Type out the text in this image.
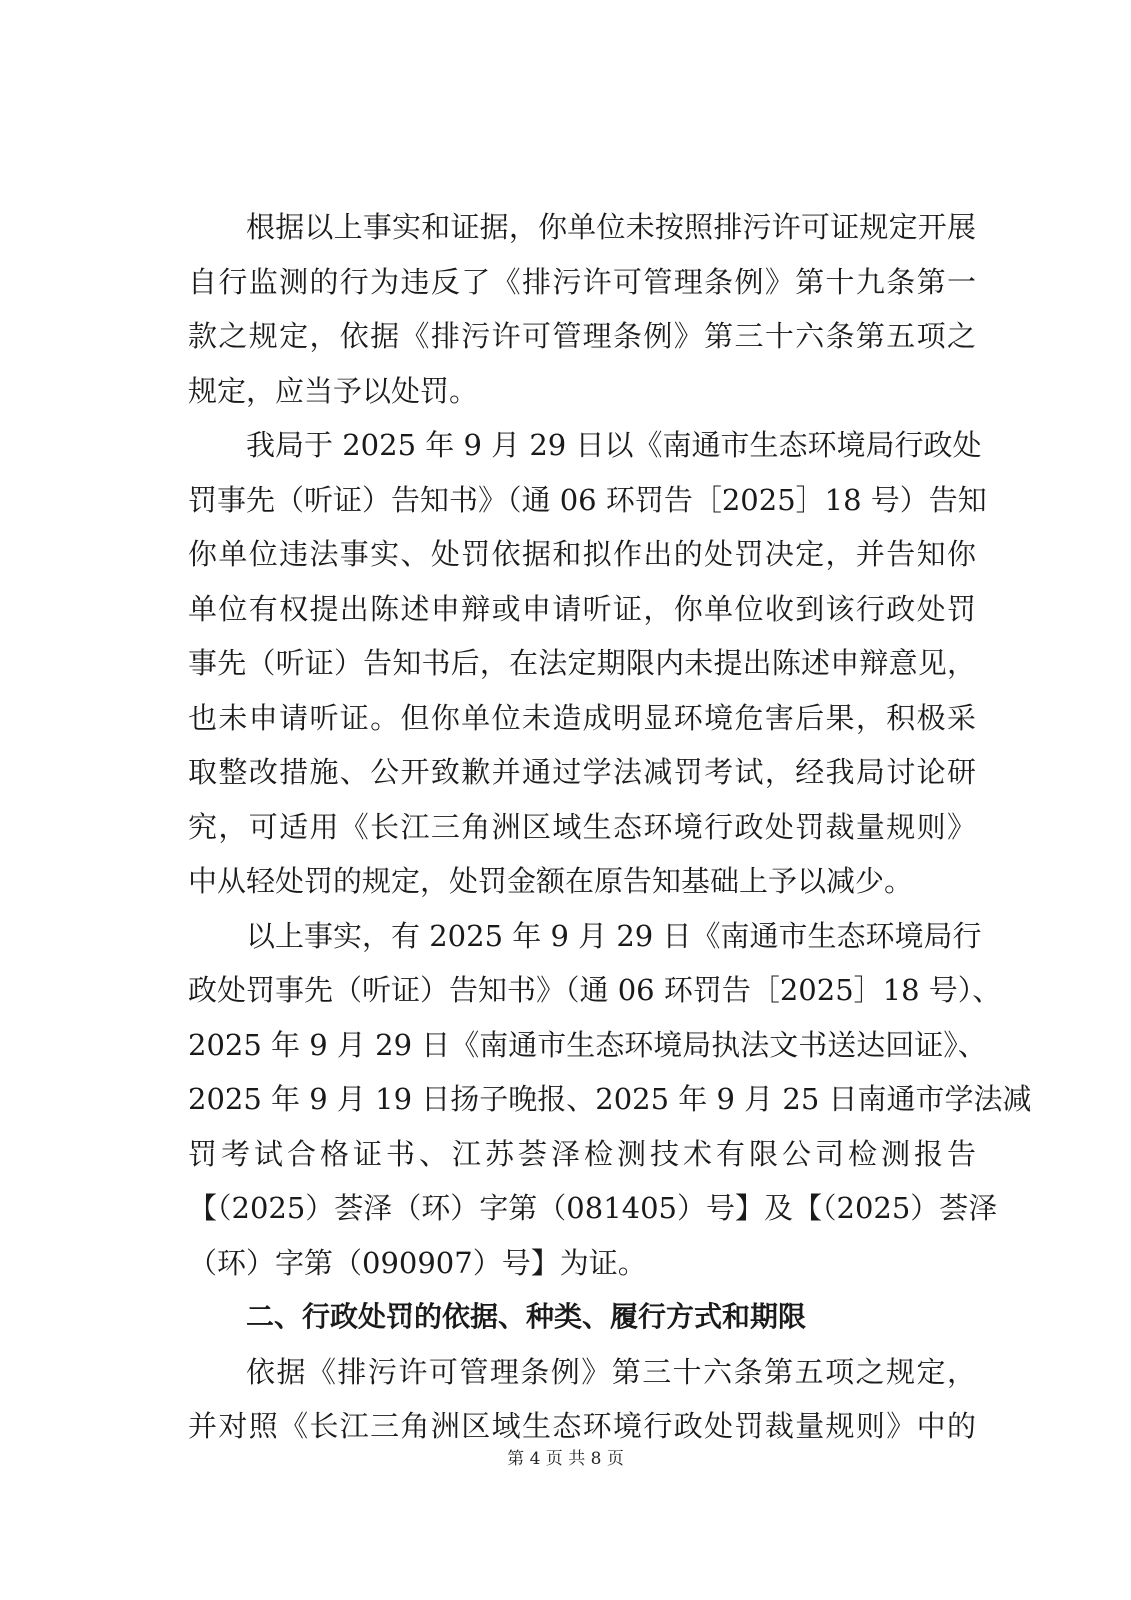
根据以上事实和证据，你单位未按照排污许可证规定开展
自行监测的行为违反了《排污许可管理条例》第十九条第一
款之规定，依据《排污许可管理条例》第三十六条第五项之
规定，应当予以处罚。
我局于 2025 年 9 月 29 日以《南通市生态环境局行政处
罚事先（听证）告知书》（通 06 环罚告［2025］18 号）告知
你单位违法事实、处罚依据和拟作出的处罚决定，并告知你
单位有权提出陈述申辩或申请听证，你单位收到该行政处罚
事先（听证）告知书后，在法定期限内未提出陈述申辩意见，
也未申请听证。但你单位未造成明显环境危害后果，积极采
取整改措施、公开致歉并通过学法减罚考试，经我局讨论研
究，可适用《长江三角洲区域生态环境行政处罚裁量规则》
中从轻处罚的规定，处罚金额在原告知基础上予以减少。
以上事实，有 2025 年 9 月 29 日《南通市生态环境局行
政处罚事先（听证）告知书》（通 06 环罚告［2025］18 号）、
2025 年 9 月 29 日《南通市生态环境局执法文书送达回证》、
2025 年 9 月 19 日扬子晚报、2025 年 9 月 25 日南通市学法减
罚考试合格证书、江苏荟泽检测技术有限公司检测报告
【（2025）荟泽（环）字第（081405）号】及【（2025）荟泽
（环）字第（090907）号】为证。
二、行政处罚的依据、种类、履行方式和期限
依据《排污许可管理条例》第三十六条第五项之规定，
并对照《长江三角洲区域生态环境行政处罚裁量规则》中的
第 4 页 共 8 页
